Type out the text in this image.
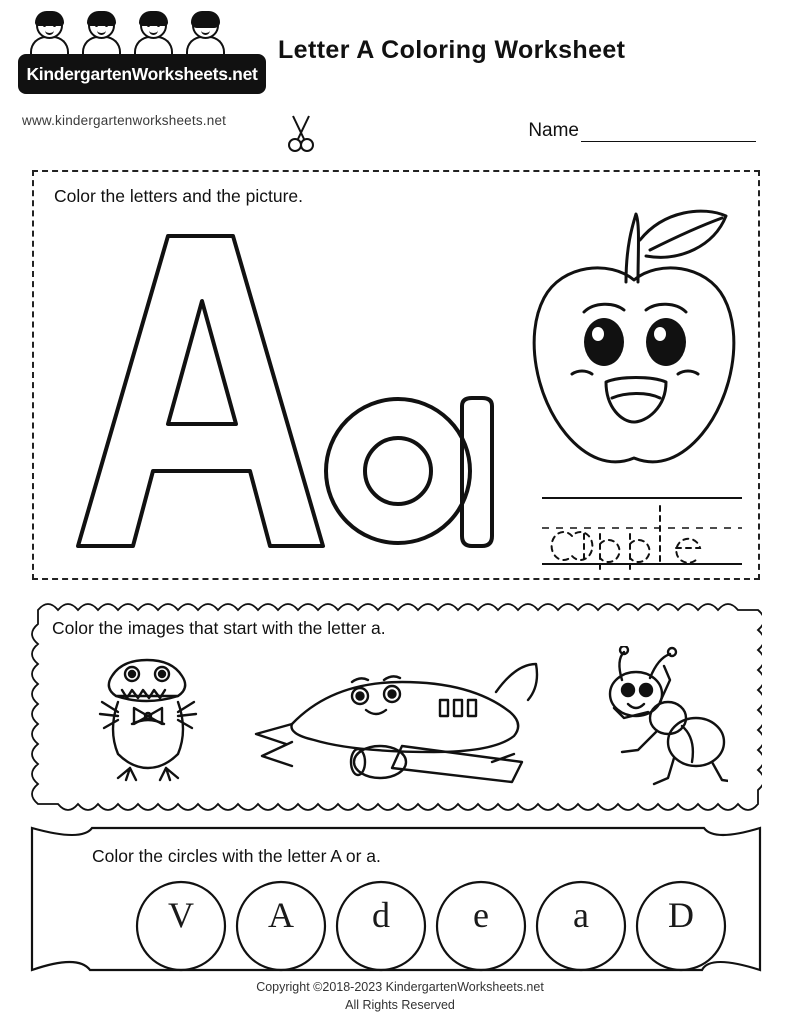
KindergartenWorksheets.net
www.kindergartenworksheets.net
Letter A Coloring Worksheet
Name
Color the letters and the picture.
Color the images that start with the letter a.
Color the circles with the letter A or a.
V	A	d	e	a	D
Copyright ©2018-2023 KindergartenWorksheets.net
All Rights Reserved
